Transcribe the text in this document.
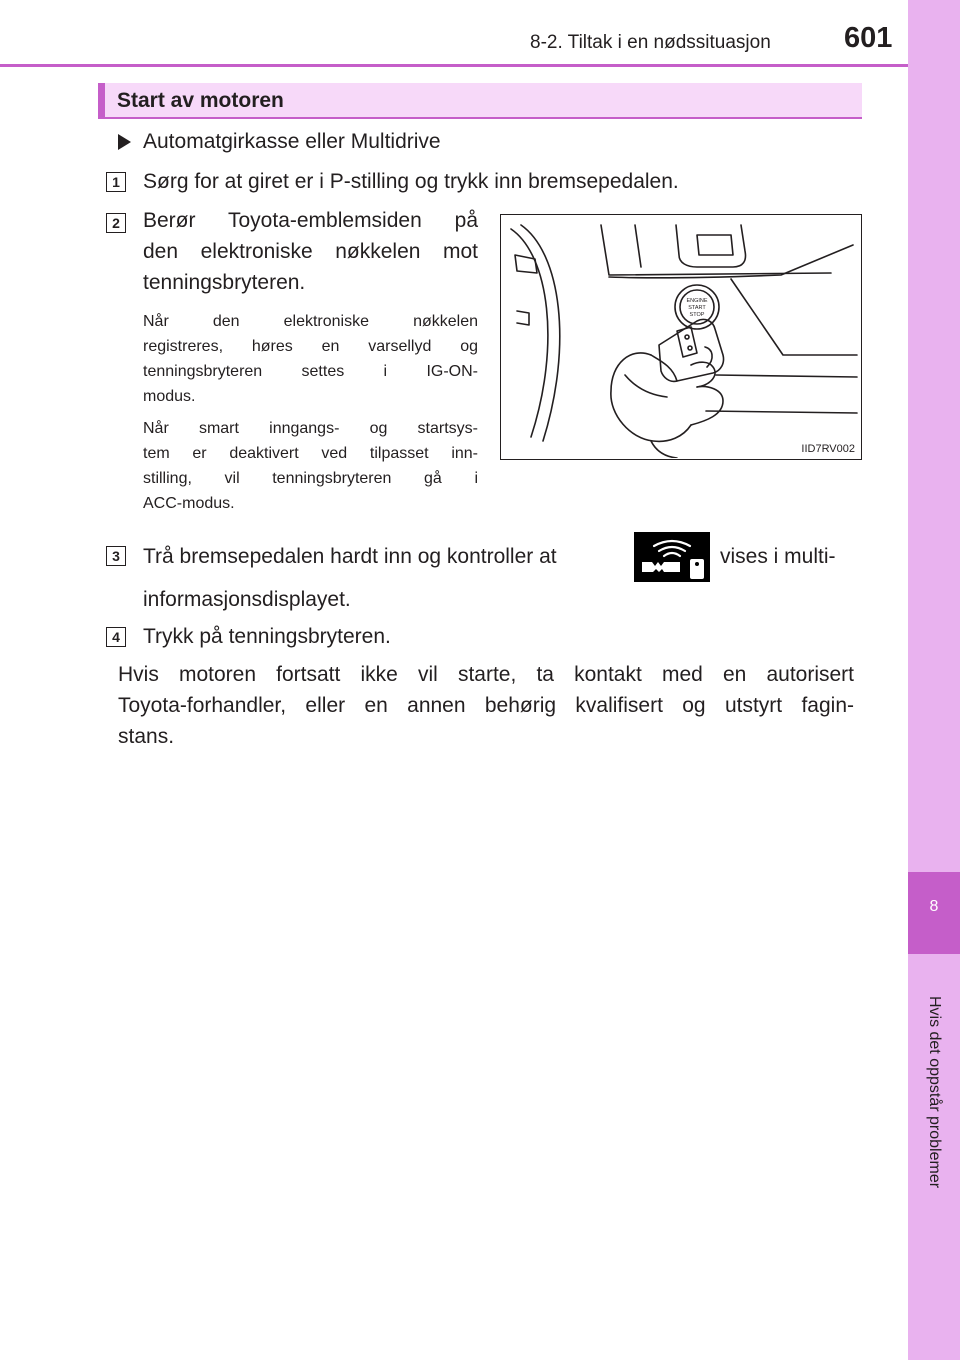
8-2. Tiltak i en nødssituasjon	601
8
Hvis det oppstår problemer
Start av motoren
Automatgirkasse eller Multidrive
1 Sørg for at giret er i P-stilling og trykk inn bremsepedalen.
2 Berør Toyota-emblemsiden på
den elektroniske nøkkelen mot
tenningsbryteren.
Når den elektroniske nøkkelen
registreres, høres en varsellyd og
tenningsbryteren settes i IG-ON-
modus.
Når smart inngangs- og startsys-
tem er deaktivert ved tilpasset inn-
stilling, vil tenningsbryteren gå i
ACC-modus.
ENGINE
START
STOP
IID7RV002
3 Trå bremsepedalen hardt inn og kontroller at	vises i multi-
informasjonsdisplayet.
4 Trykk på tenningsbryteren.
Hvis motoren fortsatt ikke vil starte, ta kontakt med en autorisert
Toyota-forhandler, eller en annen behørig kvalifisert og utstyrt fagin-
stans.
